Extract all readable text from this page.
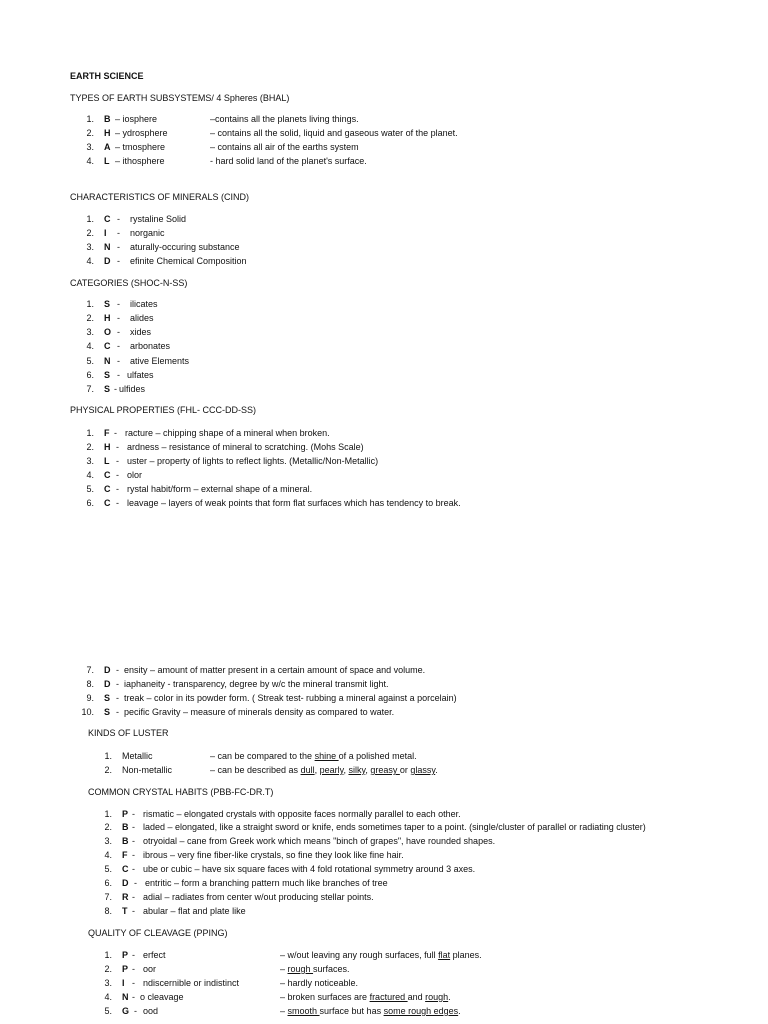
EARTH SCIENCE
TYPES OF EARTH SUBSYSTEMS/ 4 Spheres (BHAL)
1. B – iosphere	–contains all the planets living things.
2. H – ydrosphere	– contains all the solid, liquid and gaseous water of the planet.
3. A – tmosphere	– contains all air of the earths system
4. L – ithosphere	- hard solid land of the planet's surface.
CHARACTERISTICS OF MINERALS (CIND)
1. C - rystaline Solid
2. I - norganic
3. N - aturally-occuring substance
4. D - efinite Chemical Composition
CATEGORIES (SHOC-N-SS)
1. S - ilicates
2. H - alides
3. O - xides
4. C - arbonates
5. N - ative Elements
6. S - ulfates
7. S - ulfides
PHYSICAL PROPERTIES (FHL- CCC-DD-SS)
1. F - racture – chipping shape of a mineral when broken.
2. H - ardness – resistance of mineral to scratching. (Mohs Scale)
3. L - uster – property of lights to reflect lights. (Metallic/Non-Metallic)
4. C - olor
5. C - rystal habit/form – external shape of a mineral.
6. C - leavage – layers of weak points that form flat surfaces which has tendency to break.
7. D - ensity – amount of matter present in a certain amount of space and volume.
8. D - iaphaneity - transparency, degree by w/c the mineral transmit light.
9. S - treak – color in its powder form. ( Streak test- rubbing a mineral against a porcelain)
10. S - pecific Gravity – measure of minerals density as compared to water.
KINDS OF LUSTER
1. Metallic	– can be compared to the shine of a polished metal.
2. Non-metallic	– can be described as dull, pearly, silky, greasy or glassy.
COMMON CRYSTAL HABITS (PBB-FC-DR.T)
1. P - rismatic – elongated crystals with opposite faces normally parallel to each other.
2. B - laded – elongated, like a straight sword or knife, ends sometimes taper to a point. (single/cluster of parallel or radiating cluster)
3. B - otryoidal – cane from Greek work which means "binch of grapes", have rounded shapes.
4. F - ibrous – very fine fiber-like crystals, so fine they look like fine hair.
5. C - ube or cubic – have six square faces with 4 fold rotational symmetry around 3 axes.
6. D - entritic – form a branching pattern much like branches of tree
7. R - adial – radiates from center w/out producing stellar points.
8. T - abular – flat and plate like
QUALITY OF CLEAVAGE (PPING)
1. P - erfect	– w/out leaving any rough surfaces, full flat planes.
2. P - oor	– rough surfaces.
3. I - ndiscernible or indistinct	– hardly noticeable.
4. N - o cleavage	– broken surfaces are fractured and rough.
5. G - ood	– smooth surface but has some rough edges.
